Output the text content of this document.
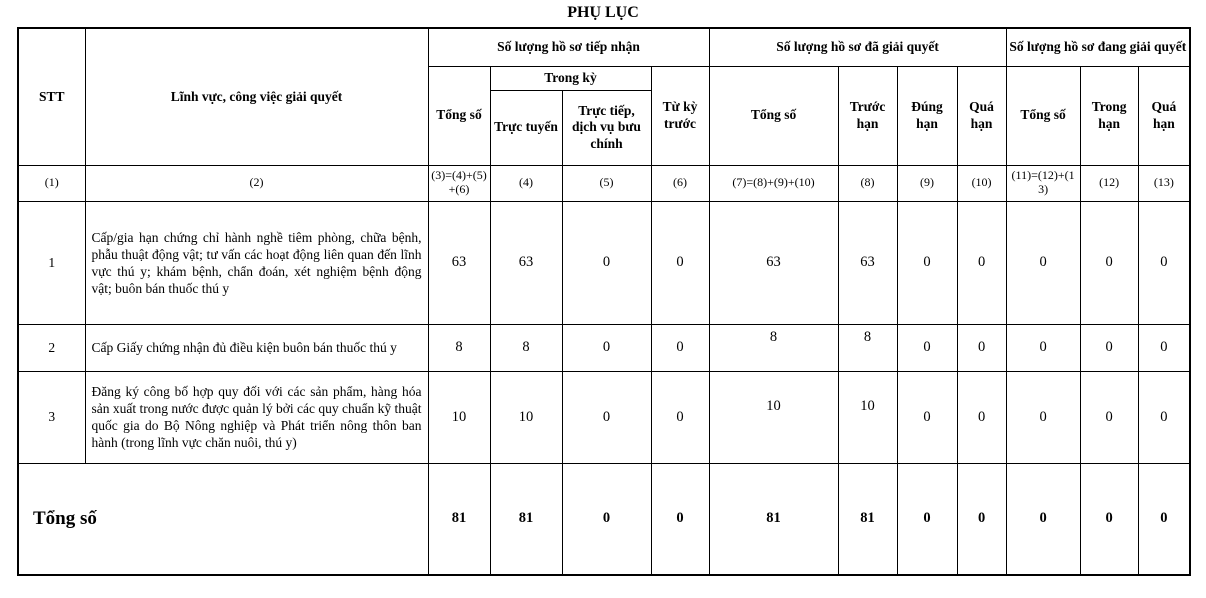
PHỤ LỤC
STT	Lĩnh vực, công việc giải quyết	Số lượng hồ sơ tiếp nhận				Số lượng hồ sơ đã giải quyết				Số lượng hồ sơ đang giải quyết		
		Tổng số	Trong kỳ		Từ kỳ trước	Tổng số	Trước hạn	Đúng hạn	Quá hạn	Tổng số	Trong hạn	Quá hạn
			Trực tuyến	Trực tiếp, dịch vụ bưu chính								
(1)	(2)	(3)=(4)+(5)+(6)	(4)	(5)	(6)	(7)=(8)+(9)+(10)	(8)	(9)	(10)	(11)=(12)+(13)	(12)	(13)
1	Cấp/gia hạn chứng chỉ hành nghề tiêm phòng, chữa bệnh, phẫu thuật động vật; tư vấn các hoạt động liên quan đến lĩnh vực thú y; khám bệnh, chẩn đoán, xét nghiệm bệnh động vật; buôn bán thuốc thú y	63	63	0	0	63	63	0	0	0	0	0
2	Cấp Giấy chứng nhận đủ điều kiện buôn bán thuốc thú y	8	8	0	0	8	8	0	0	0	0	0
3	Đăng ký công bố hợp quy đối với các sản phẩm, hàng hóa sản xuất trong nước được quản lý bởi các quy chuẩn kỹ thuật quốc gia do Bộ Nông nghiệp và Phát triển nông thôn ban hành (trong lĩnh vực chăn nuôi, thú y)	10	10	0	0	10	10	0	0	0	0	0
Tổng số		81	81	0	0	81	81	0	0	0	0	0
